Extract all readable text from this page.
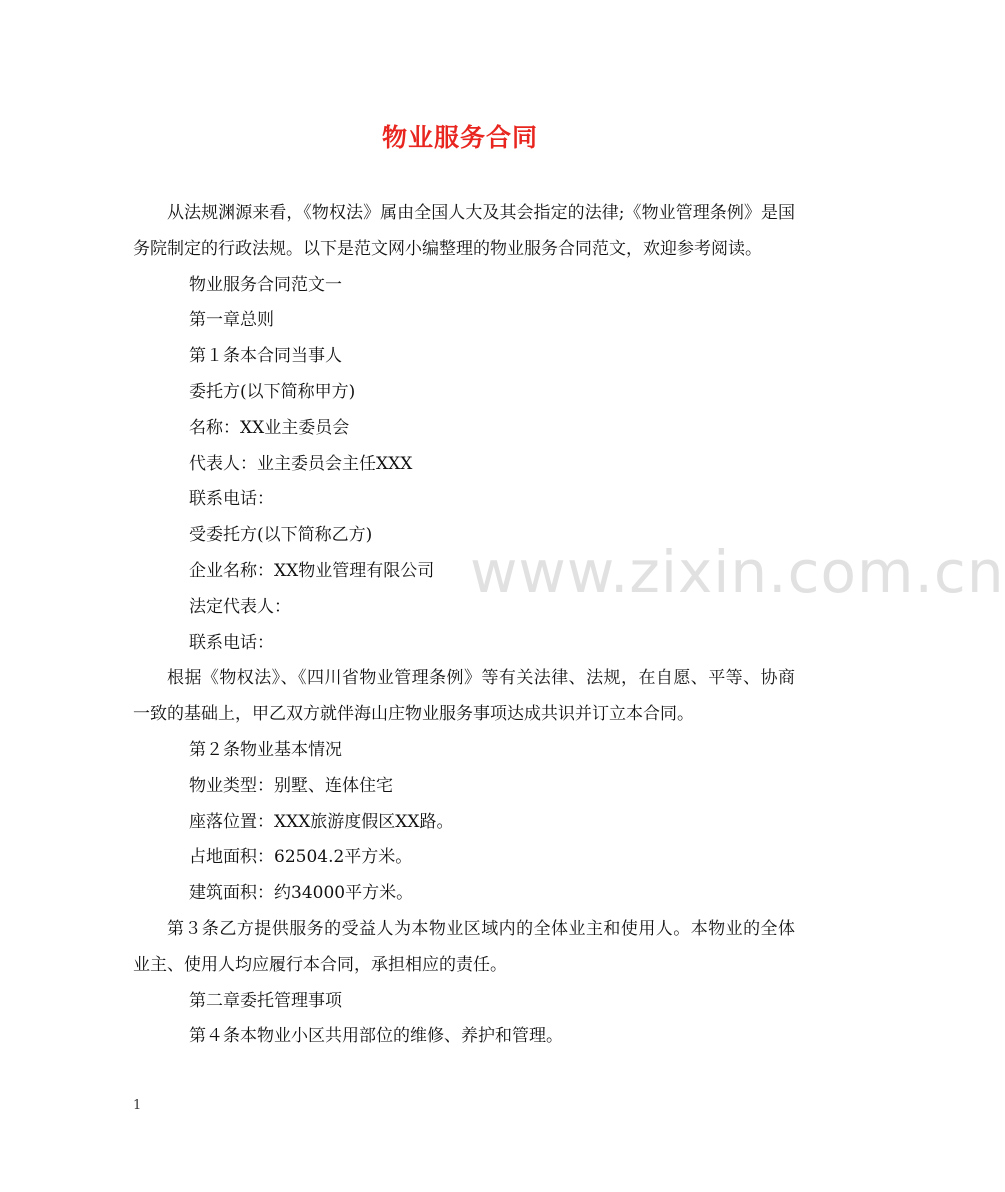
物业服务合同
www.zixin.com.cn

从法规渊源来看，《物权法》属由全国人大及其会指定的法律;《物业管理条例》是国务院制定的行政法规。以下是范文网小编整理的物业服务合同范文，欢迎参考阅读。

物业服务合同范文一

第一章总则

第１条本合同当事人

委托方(以下简称甲方)

名称：XX业主委员会

代表人：业主委员会主任XXX

联系电话：

受委托方(以下简称乙方)

企业名称：XX物业管理有限公司

法定代表人：

联系电话：

根据《物权法》、《四川省物业管理条例》等有关法律、法规，在自愿、平等、协商一致的基础上，甲乙双方就伴海山庄物业服务事项达成共识并订立本合同。

第２条物业基本情况

物业类型：别墅、连体住宅

座落位置：XXX旅游度假区XX路。

占地面积：62504.2平方米。

建筑面积：约34000平方米。

第３条乙方提供服务的受益人为本物业区域内的全体业主和使用人。本物业的全体业主、使用人均应履行本合同，承担相应的责任。

第二章委托管理事项

第４条本物业小区共用部位的维修、养护和管理。

1
